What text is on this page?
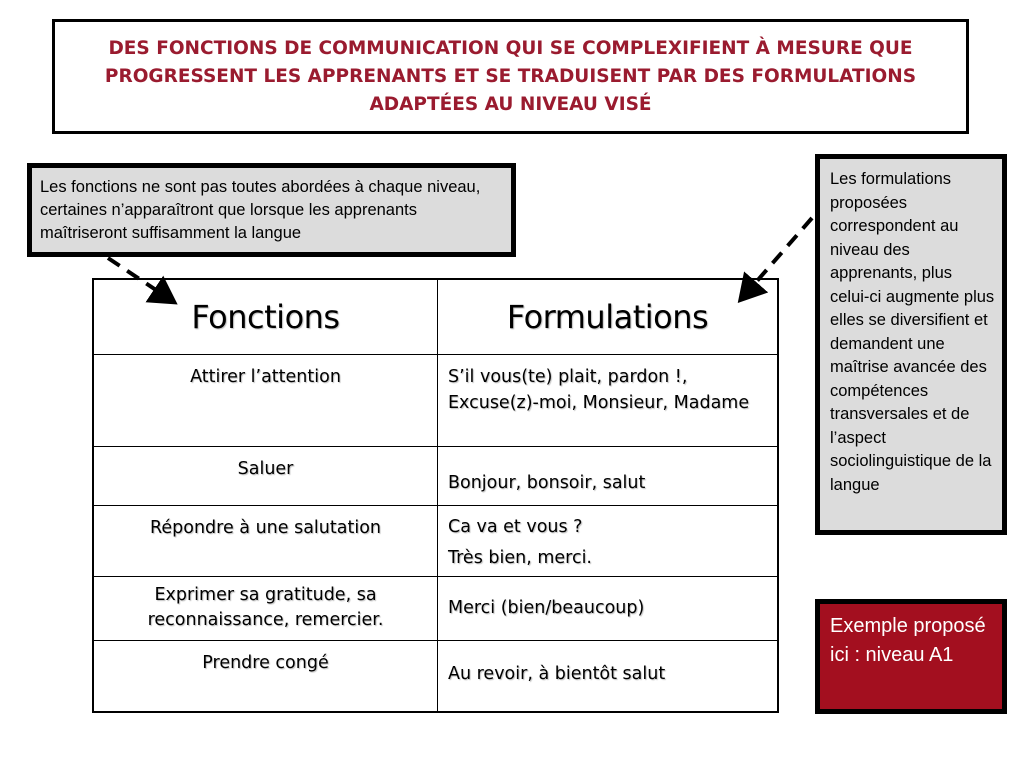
DES FONCTIONS DE COMMUNICATION QUI SE COMPLEXIFIENT À MESURE QUE PROGRESSENT LES APPRENANTS ET SE TRADUISENT PAR DES FORMULATIONS ADAPTÉES AU NIVEAU VISÉ
Les fonctions ne sont pas toutes abordées à chaque niveau, certaines n’apparaîtront que lorsque les apprenants maîtriseront suffisamment la langue
Les formulations proposées correspondent au niveau des apprenants, plus celui-ci augmente plus elles se diversifient et demandent une maîtrise avancée des compétences transversales et de l’aspect sociolinguistique de la langue
Exemple proposé ici : niveau A1
Fonctions	Formulations
Attirer l’attention	S’il vous(te) plait, pardon !, Excuse(z)-moi, Monsieur, Madame

Saluer	Bonjour, bonsoir, salut

Répondre à une salutation	Ca va et vous ?
Très bien, merci.

Exprimer sa gratitude, sa reconnaissance, remercier.	Merci (bien/beaucoup)

Prendre congé	Au revoir, à bientôt salut
